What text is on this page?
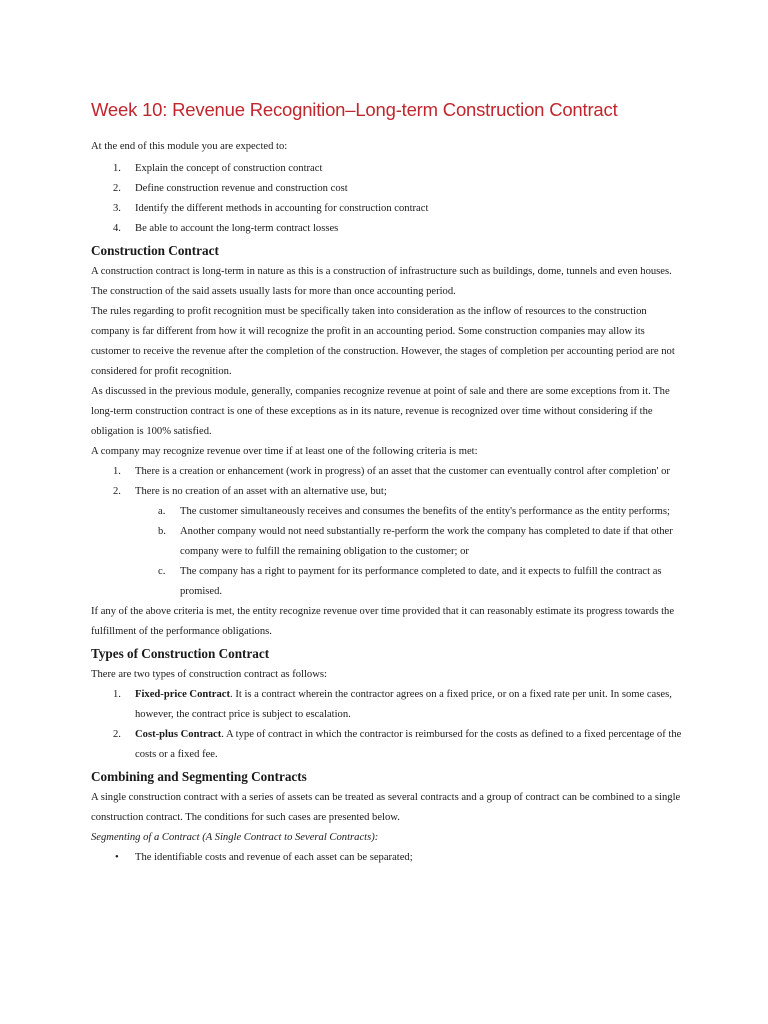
Week 10: Revenue Recognition–Long-term Construction Contract

At the end of this module you are expected to:

1.	Explain the concept of construction contract
2.	Define construction revenue and construction cost
3.	Identify the different methods in accounting for construction contract
4.	Be able to account the long-term contract losses
Construction Contract

A construction contract is long-term in nature as this is a construction of infrastructure such as buildings, dome, tunnels and even houses. The construction of the said assets usually lasts for more than once accounting period.

The rules regarding to profit recognition must be specifically taken into consideration as the inflow of resources to the construction company is far different from how it will recognize the profit in an accounting period. Some construction companies may allow its customer to receive the revenue after the completion of the construction. However, the stages of completion per accounting period are not considered for profit recognition.

As discussed in the previous module, generally, companies recognize revenue at point of sale and there are some exceptions from it. The long-term construction contract is one of these exceptions as in its nature, revenue is recognized over time without considering if the obligation is 100% satisfied.

A company may recognize revenue over time if at least one of the following criteria is met:

1.	There is a creation or enhancement (work in progress) of an asset that the customer can eventually control after completion' or
2.	There is no creation of an asset with an alternative use, but;
a.	The customer simultaneously receives and consumes the benefits of the entity's performance as the entity performs;
b.	Another company would not need substantially re-perform the work the company has completed to date if that other company were to fulfill the remaining obligation to the customer; or
c.	The company has a right to payment for its performance completed to date, and it expects to fulfill the contract as promised.

If any of the above criteria is met, the entity recognize revenue over time provided that it can reasonably estimate its progress towards the fulfillment of the performance obligations.

Types of Construction Contract

There are two types of construction contract as follows:

1.	Fixed-price Contract. It is a contract wherein the contractor agrees on a fixed price, or on a fixed rate per unit. In some cases, however, the contract price is subject to escalation.
2.	Cost-plus Contract. A type of contract in which the contractor is reimbursed for the costs as defined to a fixed percentage of the costs or a fixed fee.
Combining and Segmenting Contracts

A single construction contract with a series of assets can be treated as several contracts and a group of contract can be combined to a single construction contract. The conditions for such cases are presented below.

Segmenting of a Contract (A Single Contract to Several Contracts):

• The identifiable costs and revenue of each asset can be separated;
